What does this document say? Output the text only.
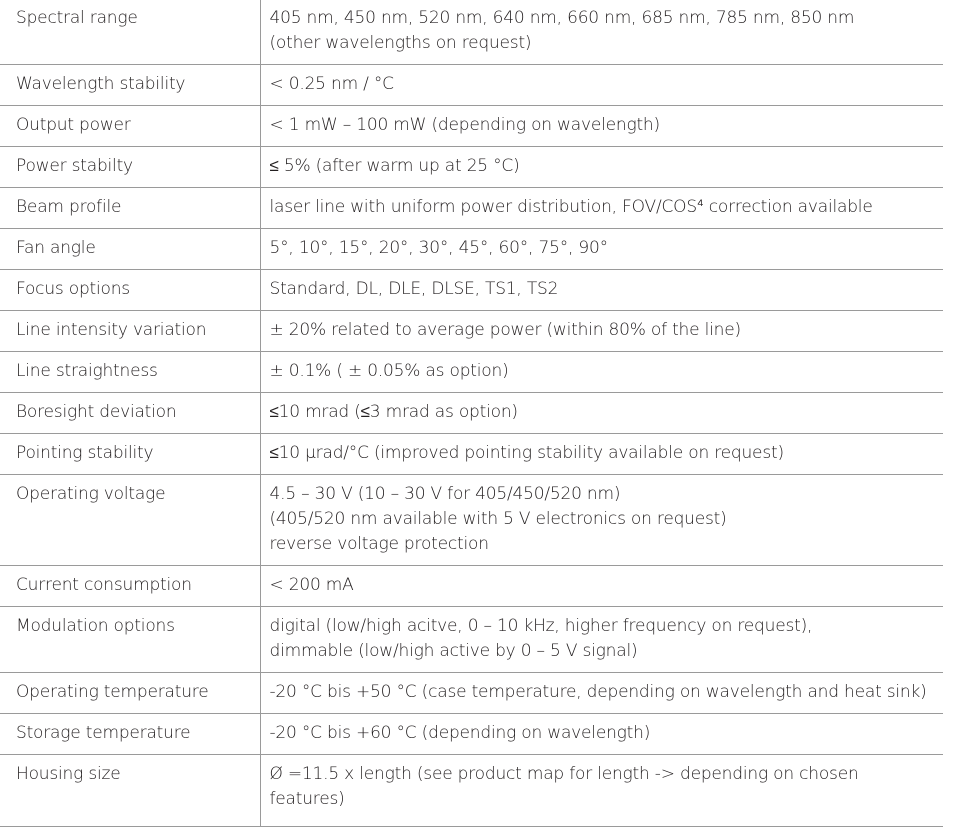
Spectral range	405 nm, 450 nm, 520 nm, 640 nm, 660 nm, 685 nm, 785 nm, 850 nm
(other wavelengths on request)

Wavelength stability	< 0.25 nm / °C

Output power	< 1 mW – 100 mW (depending on wavelength)

Power stabilty	≤ 5% (after warm up at 25 °C)

Beam profile	laser line with uniform power distribution, FOV/COS⁴ correction available

Fan angle	5°, 10°, 15°, 20°, 30°, 45°, 60°, 75°, 90°

Focus options	Standard, DL, DLE, DLSE, TS1, TS2

Line intensity variation	± 20% related to average power (within 80% of the line)

Line straightness	± 0.1% ( ± 0.05% as option)

Boresight deviation	≤10 mrad (≤3 mrad as option)

Pointing stability	≤10 µrad/°C (improved pointing stability available on request)

Operating voltage	4.5 – 30 V (10 – 30 V for 405/450/520 nm)
(405/520 nm available with 5 V electronics on request)
reverse voltage protection

Current consumption	< 200 mA

Modulation options	digital (low/high acitve, 0 – 10 kHz, higher frequency on request),
dimmable (low/high active by 0 – 5 V signal)

Operating temperature	-20 °C bis +50 °C (case temperature, depending on wavelength and heat sink)

Storage temperature	-20 °C bis +60 °C (depending on wavelength)

Housing size	Ø =11.5 x length (see product map for length -> depending on chosen
features)
